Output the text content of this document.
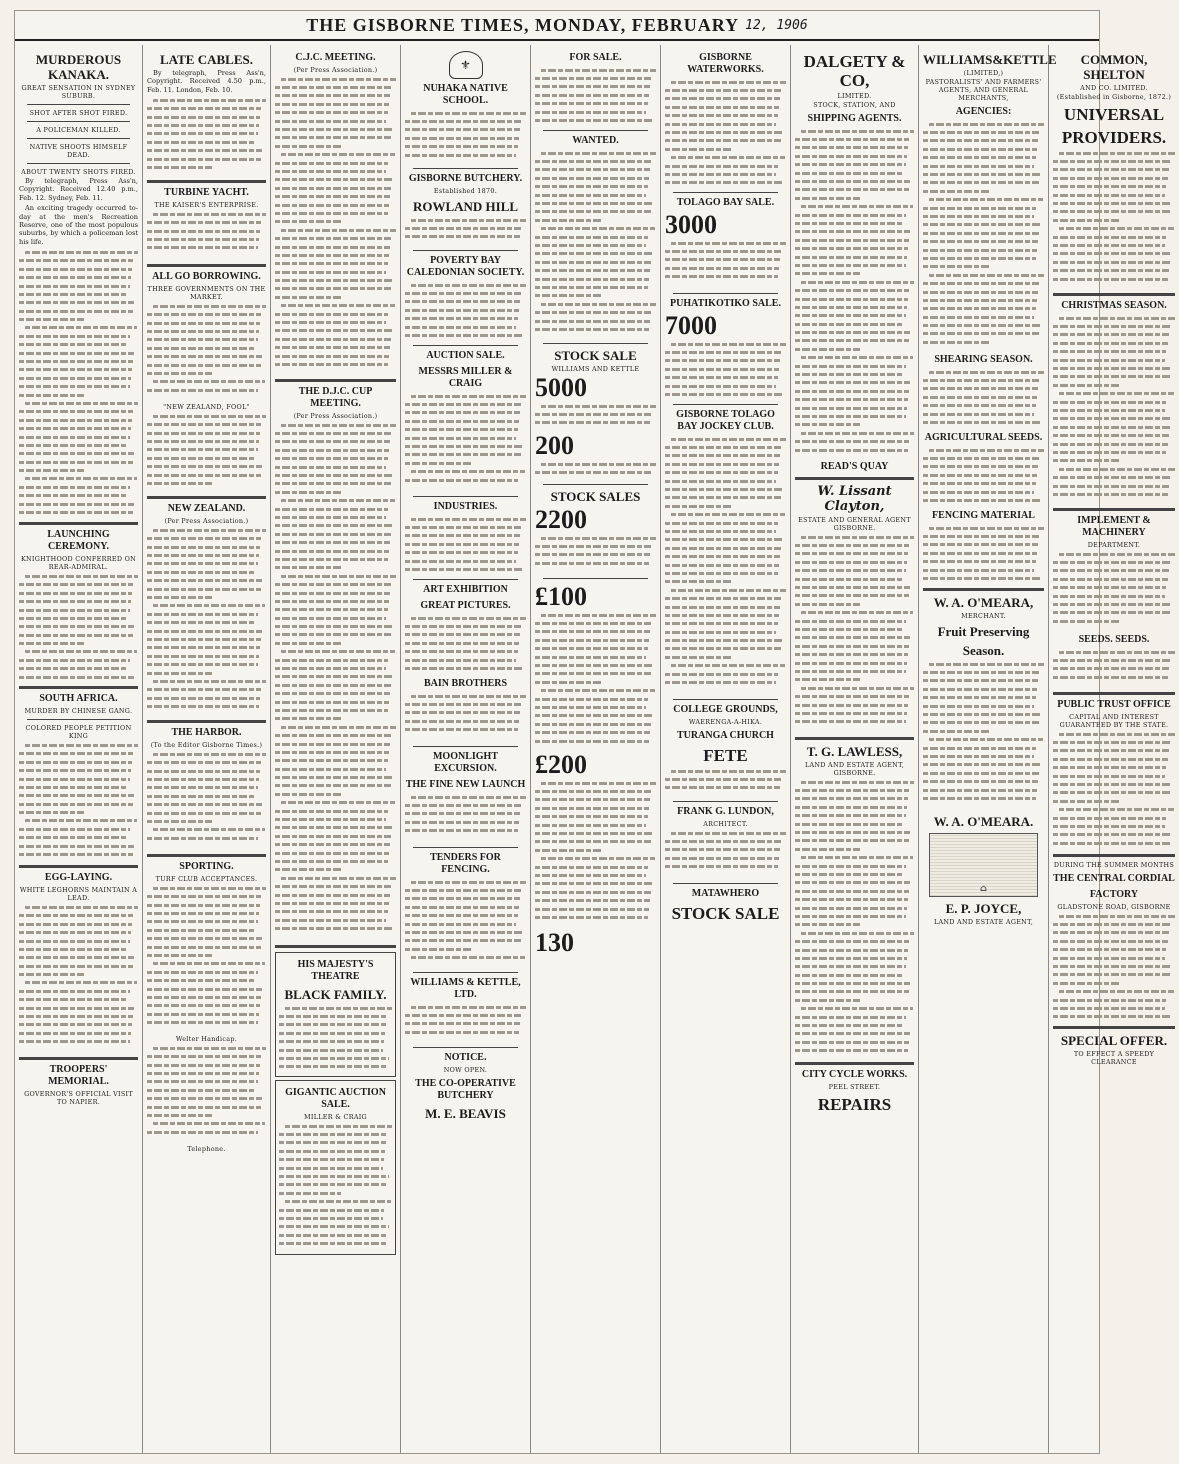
THE GISBORNE TIMES, MONDAY, FEBRUARY 12, 1906
MURDEROUS KANAKA.
GREAT SENSATION IN SYDNEY SUBURB.
SHOT AFTER SHOT FIRED.
A POLICEMAN KILLED.
NATIVE SHOOTS HIMSELF DEAD.
ABOUT TWENTY SHOTS FIRED.
By telegraph, Press Ass'n, Copyright. Received 12.40 p.m., Feb. 12. Sydney, Feb. 11.
An exciting tragedy occurred to-day at the men's Recreation Reserve, one of the most populous suburbs, by which a policeman lost his life.
LAUNCHING CEREMONY.
KNIGHTHOOD CONFERRED ON REAR-ADMIRAL.
SOUTH AFRICA.
MURDER BY CHINESE GANG.
COLORED PEOPLE PETITION KING
EGG-LAYING.
WHITE LEGHORNS MAINTAIN A LEAD.
TROOPERS' MEMORIAL.
GOVERNOR'S OFFICIAL VISIT TO NAPIER.
LATE CABLES.
By telegraph, Press Ass'n, Copyright. Received 4.50 p.m., Feb. 11. London, Feb. 10.
TURBINE YACHT.
THE KAISER'S ENTERPRISE.
ALL GO BORROWING.
THREE GOVERNMENTS ON THE MARKET.
"NEW ZEALAND, FOOL"
NEW ZEALAND.
(Per Press Association.)
THE HARBOR.
(To the Editor Gisborne Times.)
SPORTING.
TURF CLUB ACCEPTANCES.
Welter Handicap.
Telephone.
C.J.C. MEETING.
(Per Press Association.)
THE D.J.C. CUP MEETING.
(Per Press Association.)
HIS MAJESTY'S THEATRE
BLACK FAMILY.
GIGANTIC AUCTION SALE.
MILLER & CRAIG
⚜
NUHAKA NATIVE SCHOOL.
GISBORNE BUTCHERY.
Established 1870.
ROWLAND HILL
POVERTY BAY CALEDONIAN SOCIETY.
AUCTION SALE.
MESSRS MILLER & CRAIG
INDUSTRIES.
ART EXHIBITION
GREAT PICTURES.
BAIN BROTHERS
MOONLIGHT EXCURSION.
THE FINE NEW LAUNCH
TENDERS FOR FENCING.
WILLIAMS & KETTLE, LTD.
NOTICE.
NOW OPEN.
THE CO-OPERATIVE BUTCHERY
M. E. BEAVIS
FOR SALE.
WANTED.
STOCK SALE
WILLIAMS AND KETTLE
5000
200
STOCK SALES
2200
£100
£200
130
GISBORNE WATERWORKS.
TOLAGO BAY SALE.
3000
PUHATIKOTIKO SALE.
7000
GISBORNE TOLAGO BAY JOCKEY CLUB.
COLLEGE GROUNDS,
WAERENGA-A-HIKA.
TURANGA CHURCH
FETE
FRANK G. LUNDON,
ARCHITECT.
MATAWHERO
STOCK SALE
DALGETY & CO,
LIMITED.
STOCK, STATION, AND
SHIPPING AGENTS.
READ'S QUAY
W. Lissant Clayton,
ESTATE AND GENERAL AGENT GISBORNE.
T. G. LAWLESS,
LAND AND ESTATE AGENT, GISBORNE.
CITY CYCLE WORKS.
PEEL STREET.
REPAIRS
WILLIAMS&KETTLE
(LIMITED,)
PASTORALISTS' AND FARMERS' AGENTS, AND GENERAL MERCHANTS,
AGENCIES:
SHEARING SEASON.
AGRICULTURAL SEEDS.
FENCING MATERIAL
W. A. O'MEARA,
MERCHANT.
Fruit Preserving
Season.
W. A. O'MEARA.
⌂
E. P. JOYCE,
LAND AND ESTATE AGENT,
COMMON, SHELTON
AND CO. LIMITED.
(Established in Gisborne, 1872.)
UNIVERSAL
PROVIDERS.
CHRISTMAS SEASON.
IMPLEMENT & MACHINERY
DEPARTMENT.
SEEDS. SEEDS.
PUBLIC TRUST OFFICE
CAPITAL AND INTEREST GUARANTEED BY THE STATE.
DURING THE SUMMER MONTHS
THE CENTRAL CORDIAL
FACTORY
GLADSTONE ROAD, GISBORNE
SPECIAL OFFER.
TO EFFECT A SPEEDY CLEARANCE
